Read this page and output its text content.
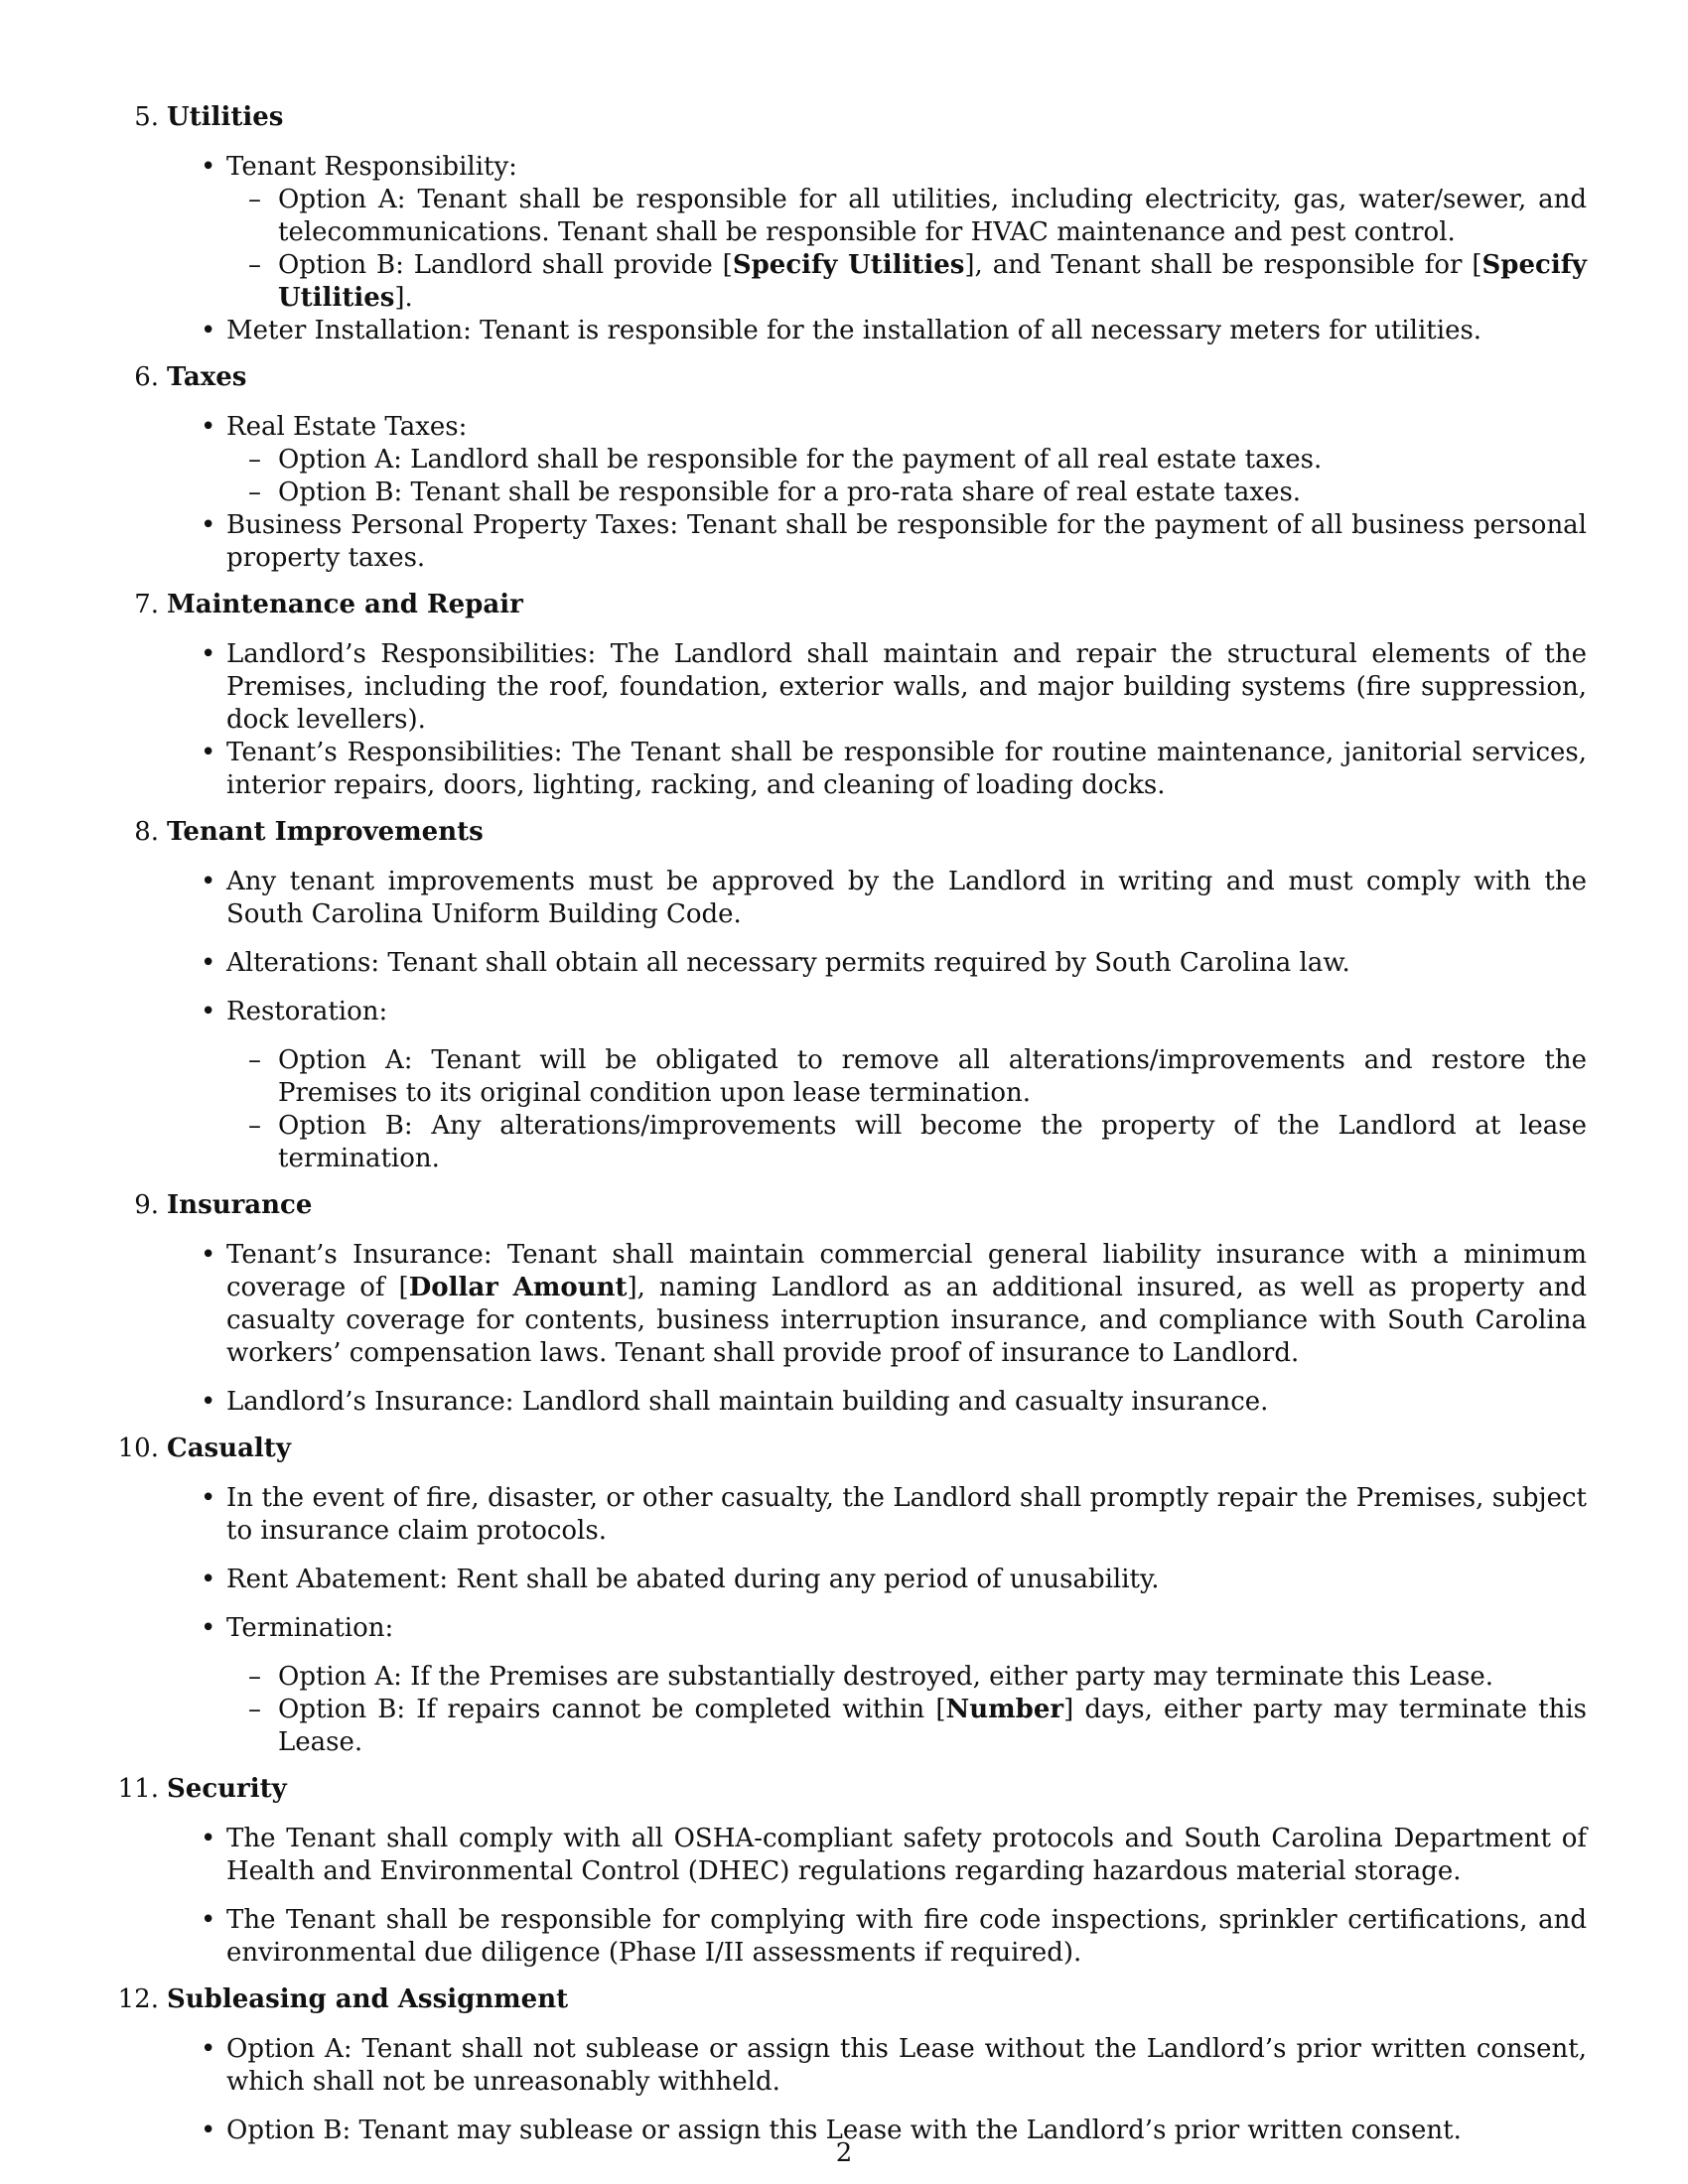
5. Utilities
• Tenant Responsibility:
– Option A: Tenant shall be responsible for all utilities, including electricity, gas, water/sewer, and telecommunications. Tenant shall be responsible for HVAC maintenance and pest control.
– Option B: Landlord shall provide [Specify Utilities], and Tenant shall be responsible for [Specify Utilities].
• Meter Installation: Tenant is responsible for the installation of all necessary meters for utilities.
6. Taxes
• Real Estate Taxes:
– Option A: Landlord shall be responsible for the payment of all real estate taxes.
– Option B: Tenant shall be responsible for a pro-rata share of real estate taxes.
• Business Personal Property Taxes: Tenant shall be responsible for the payment of all business personal property taxes.
7. Maintenance and Repair
• Landlord’s Responsibilities: The Landlord shall maintain and repair the structural elements of the Premises, including the roof, foundation, exterior walls, and major building systems (fire suppression, dock levellers).
• Tenant’s Responsibilities: The Tenant shall be responsible for routine maintenance, janitorial services, interior repairs, doors, lighting, racking, and cleaning of loading docks.
8. Tenant Improvements
• Any tenant improvements must be approved by the Landlord in writing and must comply with the South Carolina Uniform Building Code.
• Alterations: Tenant shall obtain all necessary permits required by South Carolina law.
• Restoration:
– Option A: Tenant will be obligated to remove all alterations/improvements and restore the Premises to its original condition upon lease termination.
– Option B: Any alterations/improvements will become the property of the Landlord at lease termination.
9. Insurance
• Tenant’s Insurance: Tenant shall maintain commercial general liability insurance with a minimum coverage of [Dollar Amount], naming Landlord as an additional insured, as well as property and casualty coverage for contents, business interruption insurance, and compliance with South Carolina workers’ compensation laws. Tenant shall provide proof of insurance to Landlord.
• Landlord’s Insurance: Landlord shall maintain building and casualty insurance.
10. Casualty
• In the event of fire, disaster, or other casualty, the Landlord shall promptly repair the Premises, subject to insurance claim protocols.
• Rent Abatement: Rent shall be abated during any period of unusability.
• Termination:
– Option A: If the Premises are substantially destroyed, either party may terminate this Lease.
– Option B: If repairs cannot be completed within [Number] days, either party may terminate this Lease.
11. Security
• The Tenant shall comply with all OSHA-compliant safety protocols and South Carolina Department of Health and Environmental Control (DHEC) regulations regarding hazardous material storage.
• The Tenant shall be responsible for complying with fire code inspections, sprinkler certifications, and environmental due diligence (Phase I/II assessments if required).
12. Subleasing and Assignment
• Option A: Tenant shall not sublease or assign this Lease without the Landlord’s prior written consent, which shall not be unreasonably withheld.
• Option B: Tenant may sublease or assign this Lease with the Landlord’s prior written consent.
2
